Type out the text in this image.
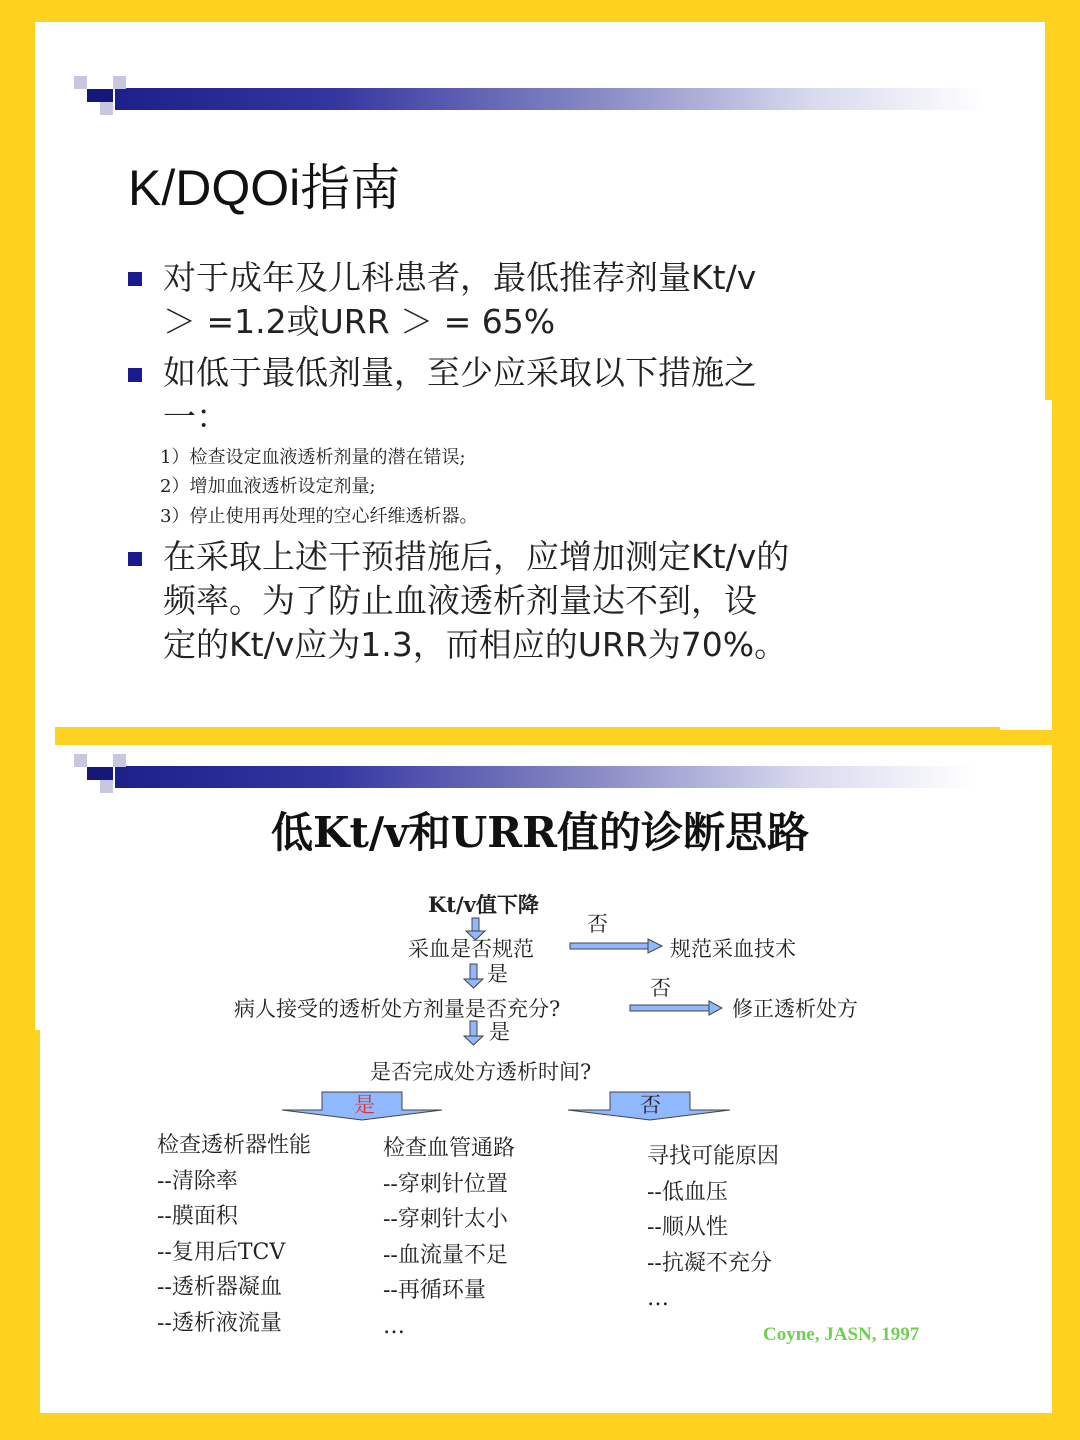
K/DQOi指南
对于成年及儿科患者，最低推荐剂量Kt/v
＞ =1.2或URR ＞ = 65%
如低于最低剂量，至少应采取以下措施之
一：
1）检查设定血液透析剂量的潜在错误;
2）增加血液透析设定剂量;
3）停止使用再处理的空心纤维透析器。
在采取上述干预措施后，应增加测定Kt/v的
频率。为了防止血液透析剂量达不到，设
定的Kt/v应为1.3，而相应的URR为70%。
低Kt/v和URR值的诊断思路
Kt/v值下降
否
采血是否规范	规范采血技术
是
否
病人接受的透析处方剂量是否充分?	修正透析处方
是
是否完成处方透析时间?
是	否
检查透析器性能
--清除率
--膜面积
--复用后TCV
--透析器凝血
--透析液流量
检查血管通路
--穿刺针位置
--穿刺针太小
--血流量不足
--再循环量
…
寻找可能原因
--低血压
--顺从性
--抗凝不充分
…
Coyne, JASN, 1997
